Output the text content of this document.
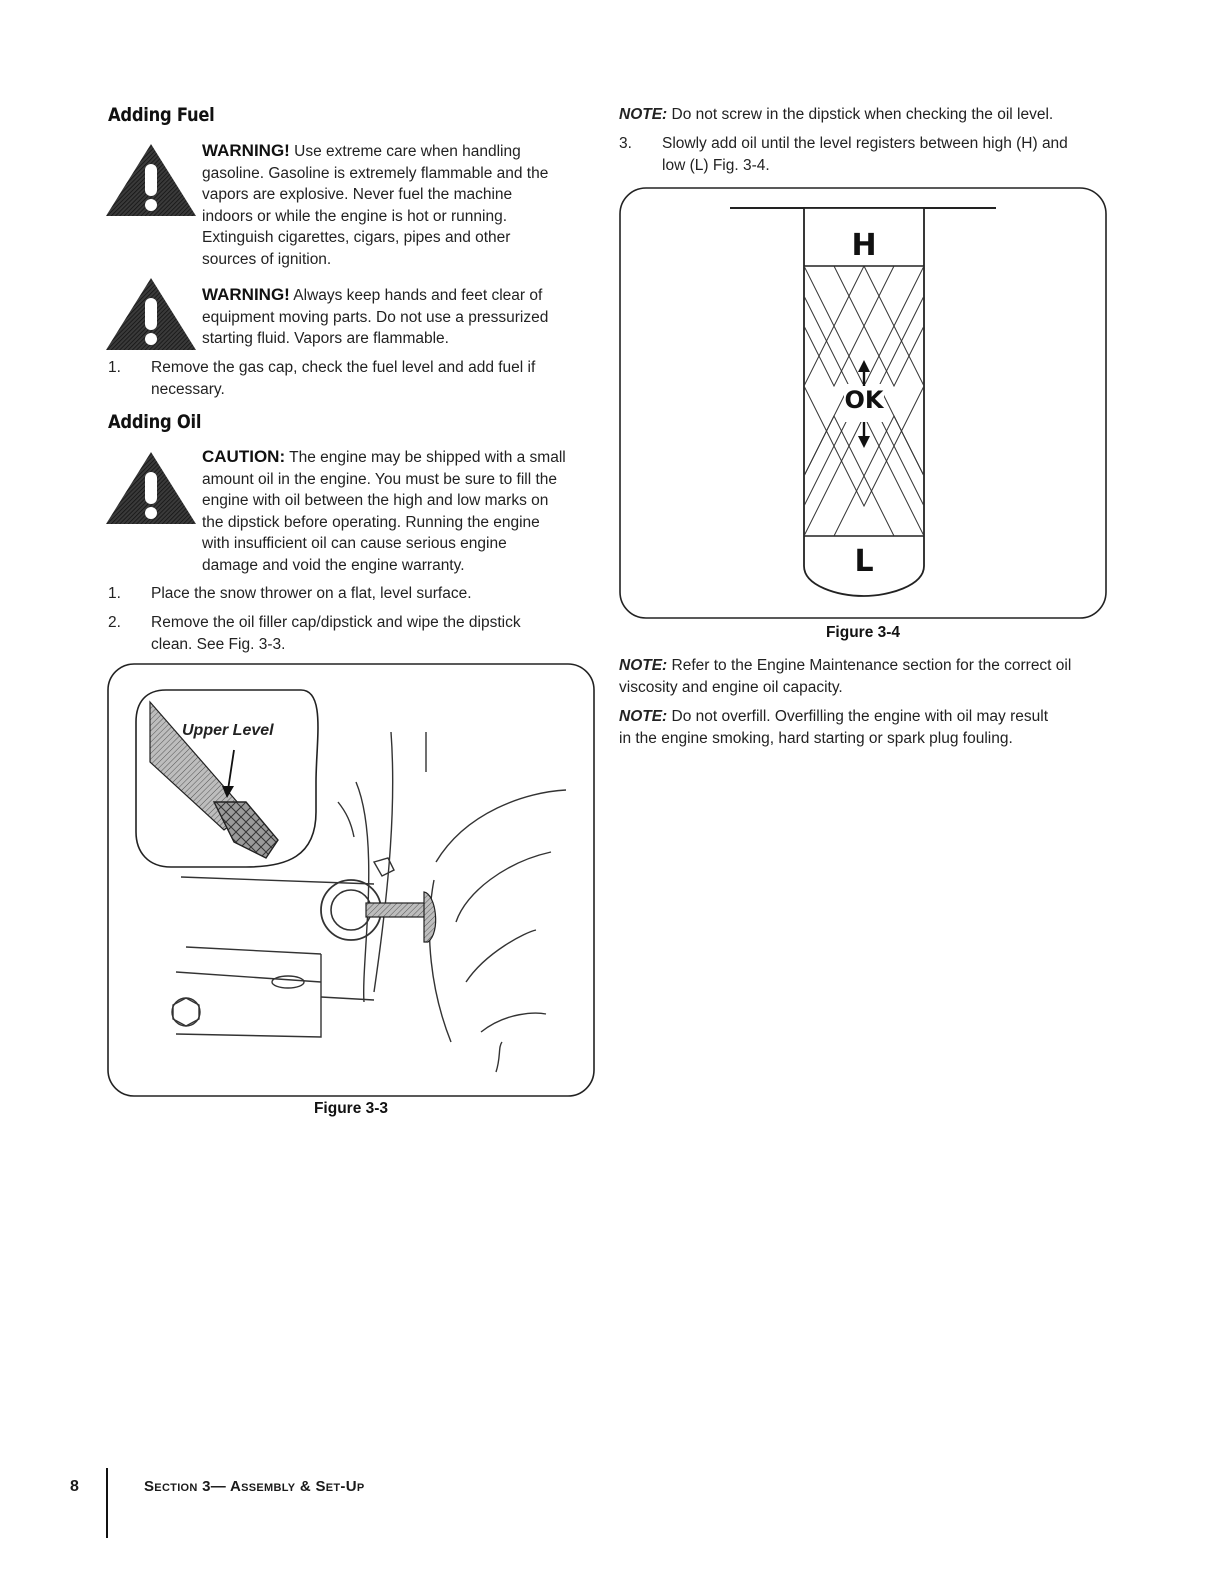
Adding Fuel
WARNING! Use extreme care when handling
gasoline. Gasoline is extremely flammable and the
vapors are explosive. Never fuel the machine
indoors or while the engine is hot or running.
Extinguish cigarettes, cigars, pipes and other
sources of ignition.
WARNING! Always keep hands and feet clear of
equipment moving parts. Do not use a pressurized
starting fluid. Vapors are flammable.
1. Remove the gas cap, check the fuel level and add fuel if
necessary.
Adding Oil
CAUTION: The engine may be shipped with a small
amount oil in the engine. You must be sure to fill the
engine with oil between the high and low marks on
the dipstick before operating. Running the engine
with insufficient oil can cause serious engine
damage and void the engine warranty.
1. Place the snow thrower on a flat, level surface.
2. Remove the oil filler cap/dipstick and wipe the dipstick
clean. See Fig. 3-3.
Upper Level
Figure 3-3
NOTE: Do not screw in the dipstick when checking the oil level.
3. Slowly add oil until the level registers between high (H) and
low (L) Fig. 3-4.
H
OK
L
Figure 3-4
NOTE: Refer to the Engine Maintenance section for the correct oil
viscosity and engine oil capacity.
NOTE: Do not overfill. Overfilling the engine with oil may result
in the engine smoking, hard starting or spark plug fouling.
8	Section 3— Assembly & Set-Up
